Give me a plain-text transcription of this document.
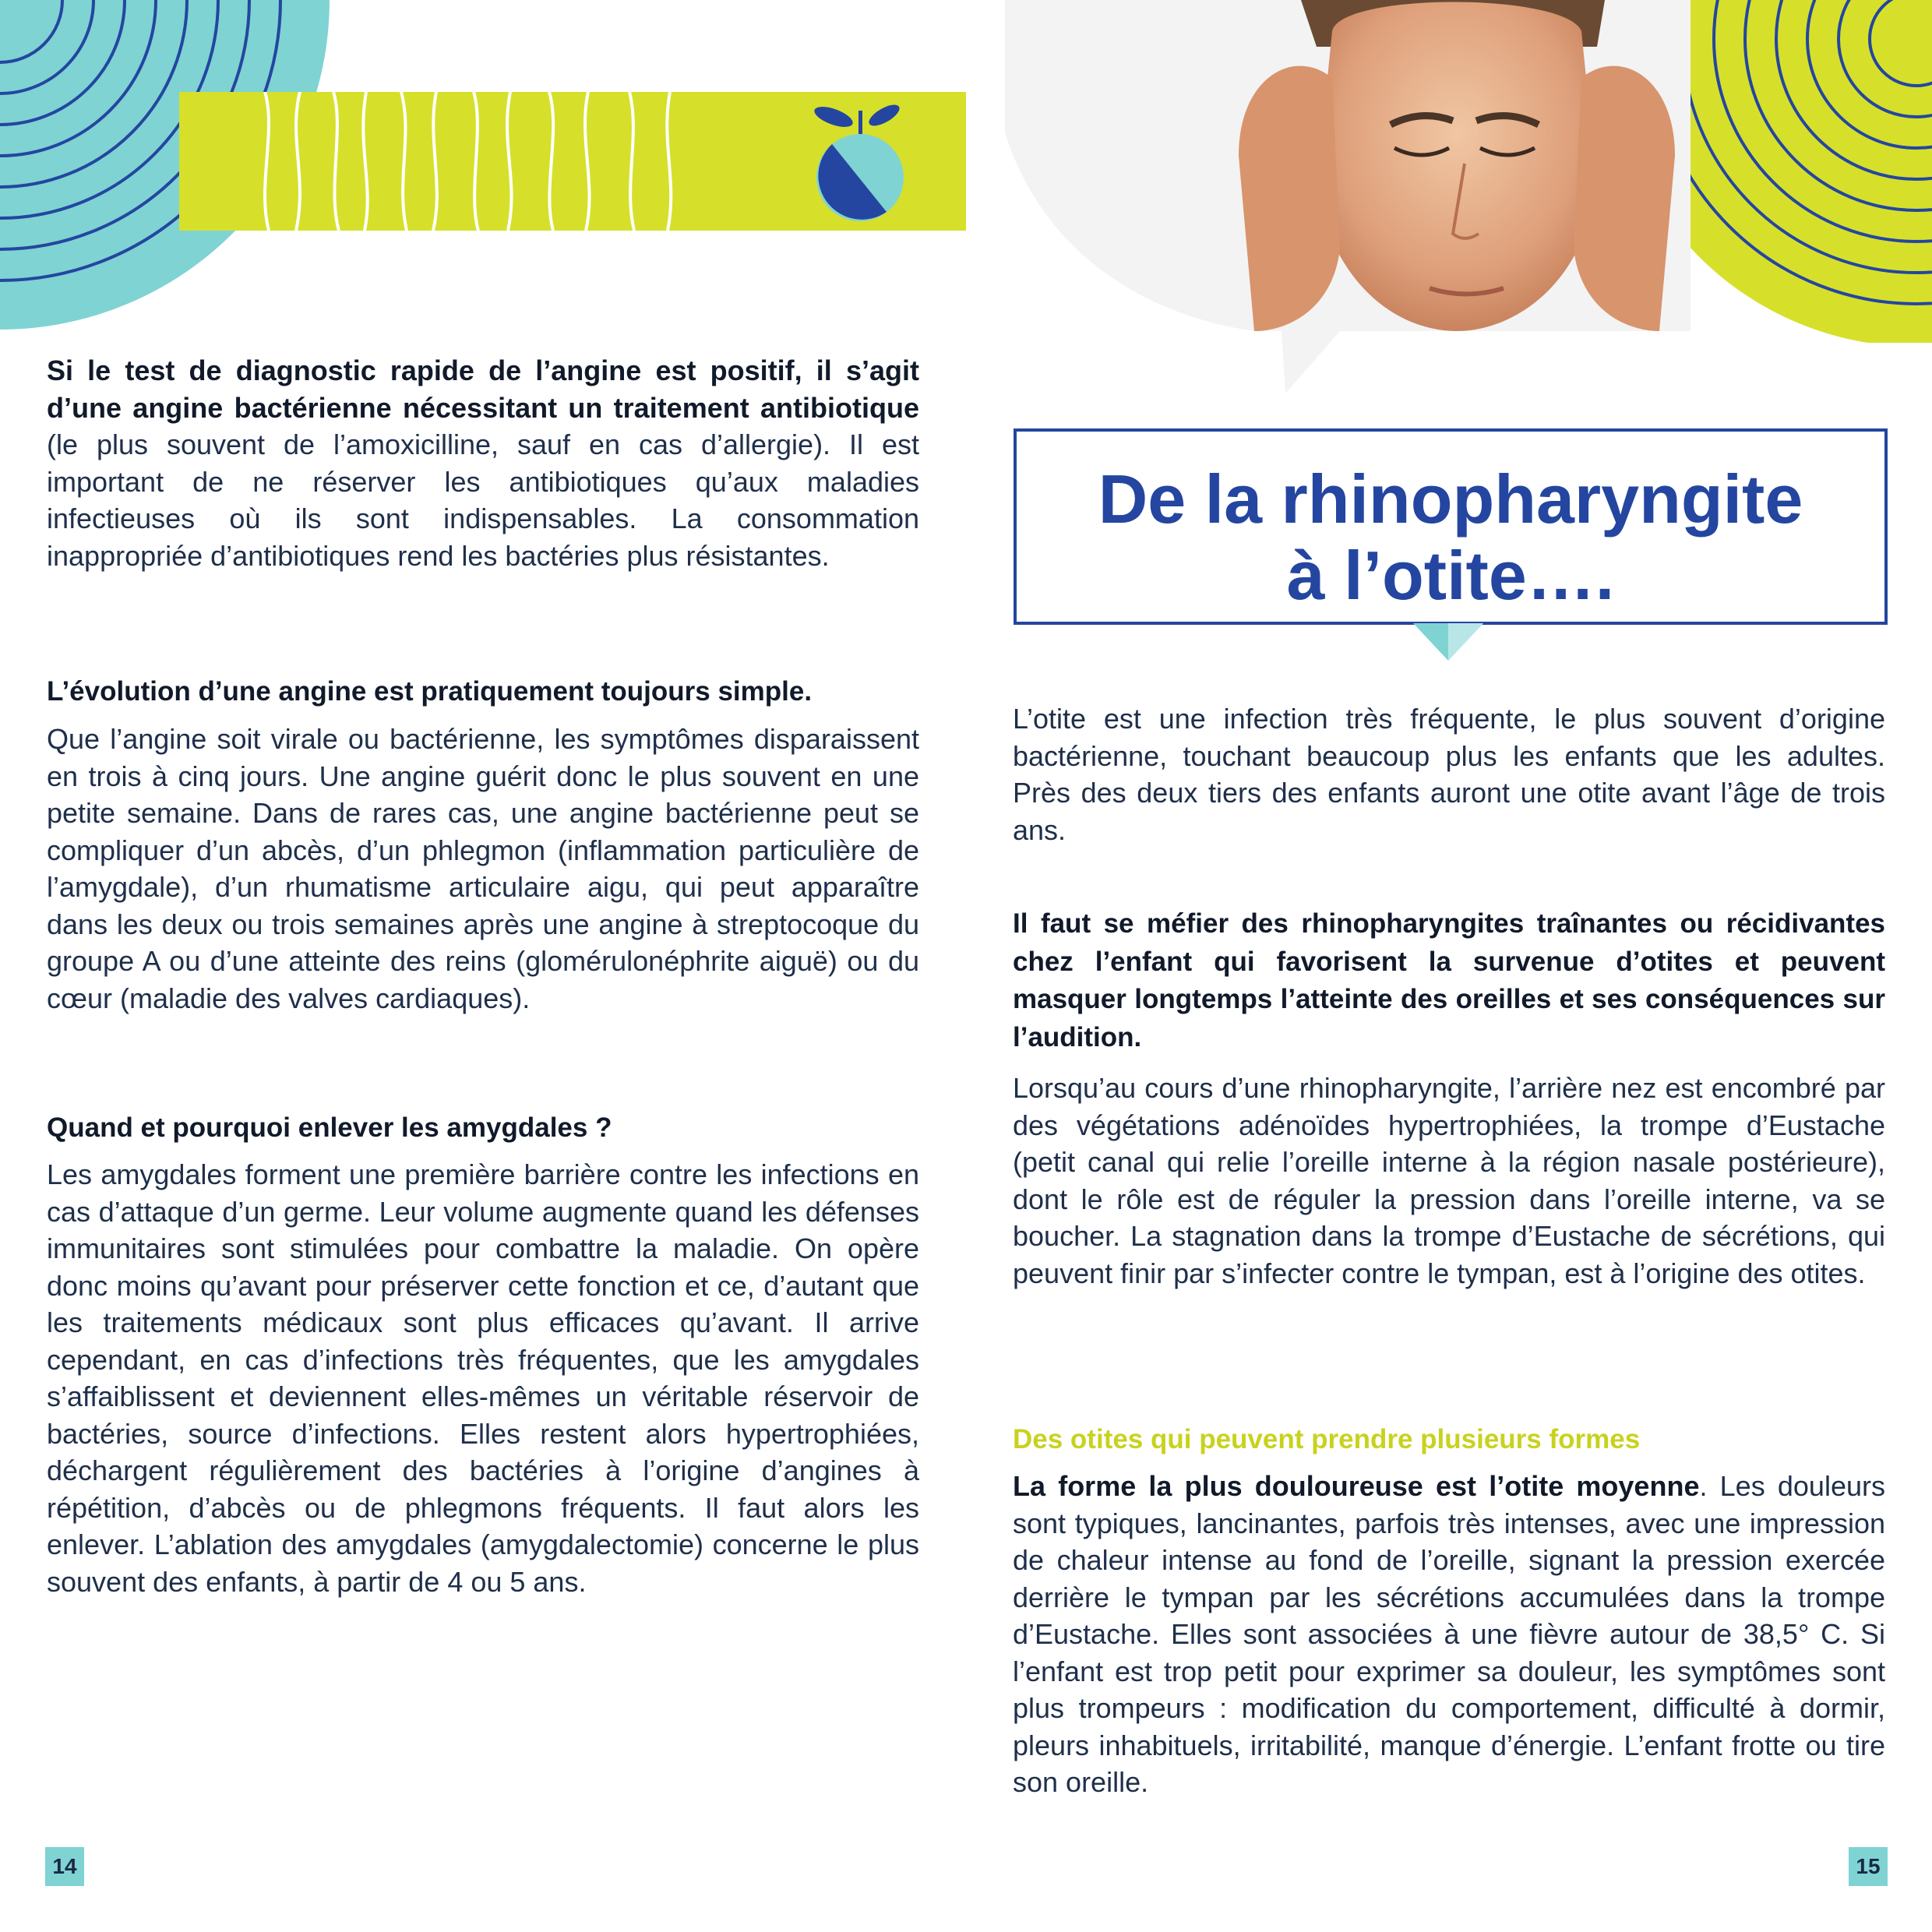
Si le test de diagnostic rapide de l’angine est positif, il s’agit d’une angine bactérienne nécessitant un traitement antibiotique (le plus souvent de l’amoxicilline, sauf en cas d’allergie). Il est important de ne réserver les antibiotiques qu’aux maladies infectieuses où ils sont indispensables. La consommation inappropriée d’antibiotiques rend les bactéries plus résistantes.

L’évolution d’une angine est pratiquement toujours simple.

Que l’angine soit virale ou bactérienne, les symptômes disparaissent en trois à cinq jours. Une angine guérit donc le plus souvent en une petite semaine. Dans de rares cas, une angine bactérienne peut se compliquer d’un abcès, d’un phlegmon (inflammation particulière de l’amygdale), d’un rhumatisme articulaire aigu, qui peut apparaître dans les deux ou trois semaines après une angine à streptocoque du groupe A ou d’une atteinte des reins (glomérulonéphrite aiguë) ou du cœur (maladie des valves cardiaques).

Quand et pourquoi enlever les amygdales ?

Les amygdales forment une première barrière contre les infections en cas d’attaque d’un germe. Leur volume augmente quand les défenses immunitaires sont stimulées pour combattre la maladie. On opère donc moins qu’avant pour préserver cette fonction et ce, d’autant que les traitements médicaux sont plus efficaces qu’avant. Il arrive cependant, en cas d’infections très fréquentes, que les amygdales s’affaiblissent et deviennent elles-mêmes un véritable réservoir de bactéries, source d’infections. Elles restent alors hypertrophiées, déchargent régulièrement des bactéries à l’origine d’angines à répétition, d’abcès ou de phlegmons fréquents. Il faut alors les enlever. L’ablation des amygdales (amygdalectomie) concerne le plus souvent des enfants, à partir de 4 ou 5 ans.

14
De la rhinopharyngite
à l’otite….

L’otite est une infection très fréquente, le plus souvent d’origine bactérienne, touchant beaucoup plus les enfants que les adultes. Près des deux tiers des enfants auront une otite avant l’âge de trois ans.

Il faut se méfier des rhinopharyngites traînantes ou récidivantes chez l’enfant qui favorisent la survenue d’otites et peuvent masquer longtemps l’atteinte des oreilles et ses conséquences sur l’audition.

Lorsqu’au cours d’une rhinopharyngite, l’arrière nez est encombré par des végétations adénoïdes hypertrophiées, la trompe d’Eustache (petit canal qui relie l’oreille interne à la région nasale postérieure), dont le rôle est de réguler la pression dans l’oreille interne, va se boucher. La stagnation dans la trompe d’Eustache de sécrétions, qui peuvent finir par s’infecter contre le tympan, est à l’origine des otites.

Des otites qui peuvent prendre plusieurs formes

La forme la plus douloureuse est l’otite moyenne. Les douleurs sont typiques, lancinantes, parfois très intenses, avec une impression de chaleur intense au fond de l’oreille, signant la pression exercée derrière le tympan par les sécrétions accumulées dans la trompe d’Eustache. Elles sont associées à une fièvre autour de 38,5° C. Si l’enfant est trop petit pour exprimer sa douleur, les symptômes sont plus trompeurs : modification du comportement, difficulté à dormir, pleurs inhabituels, irritabilité, manque d’énergie. L’enfant frotte ou tire son oreille.

15
